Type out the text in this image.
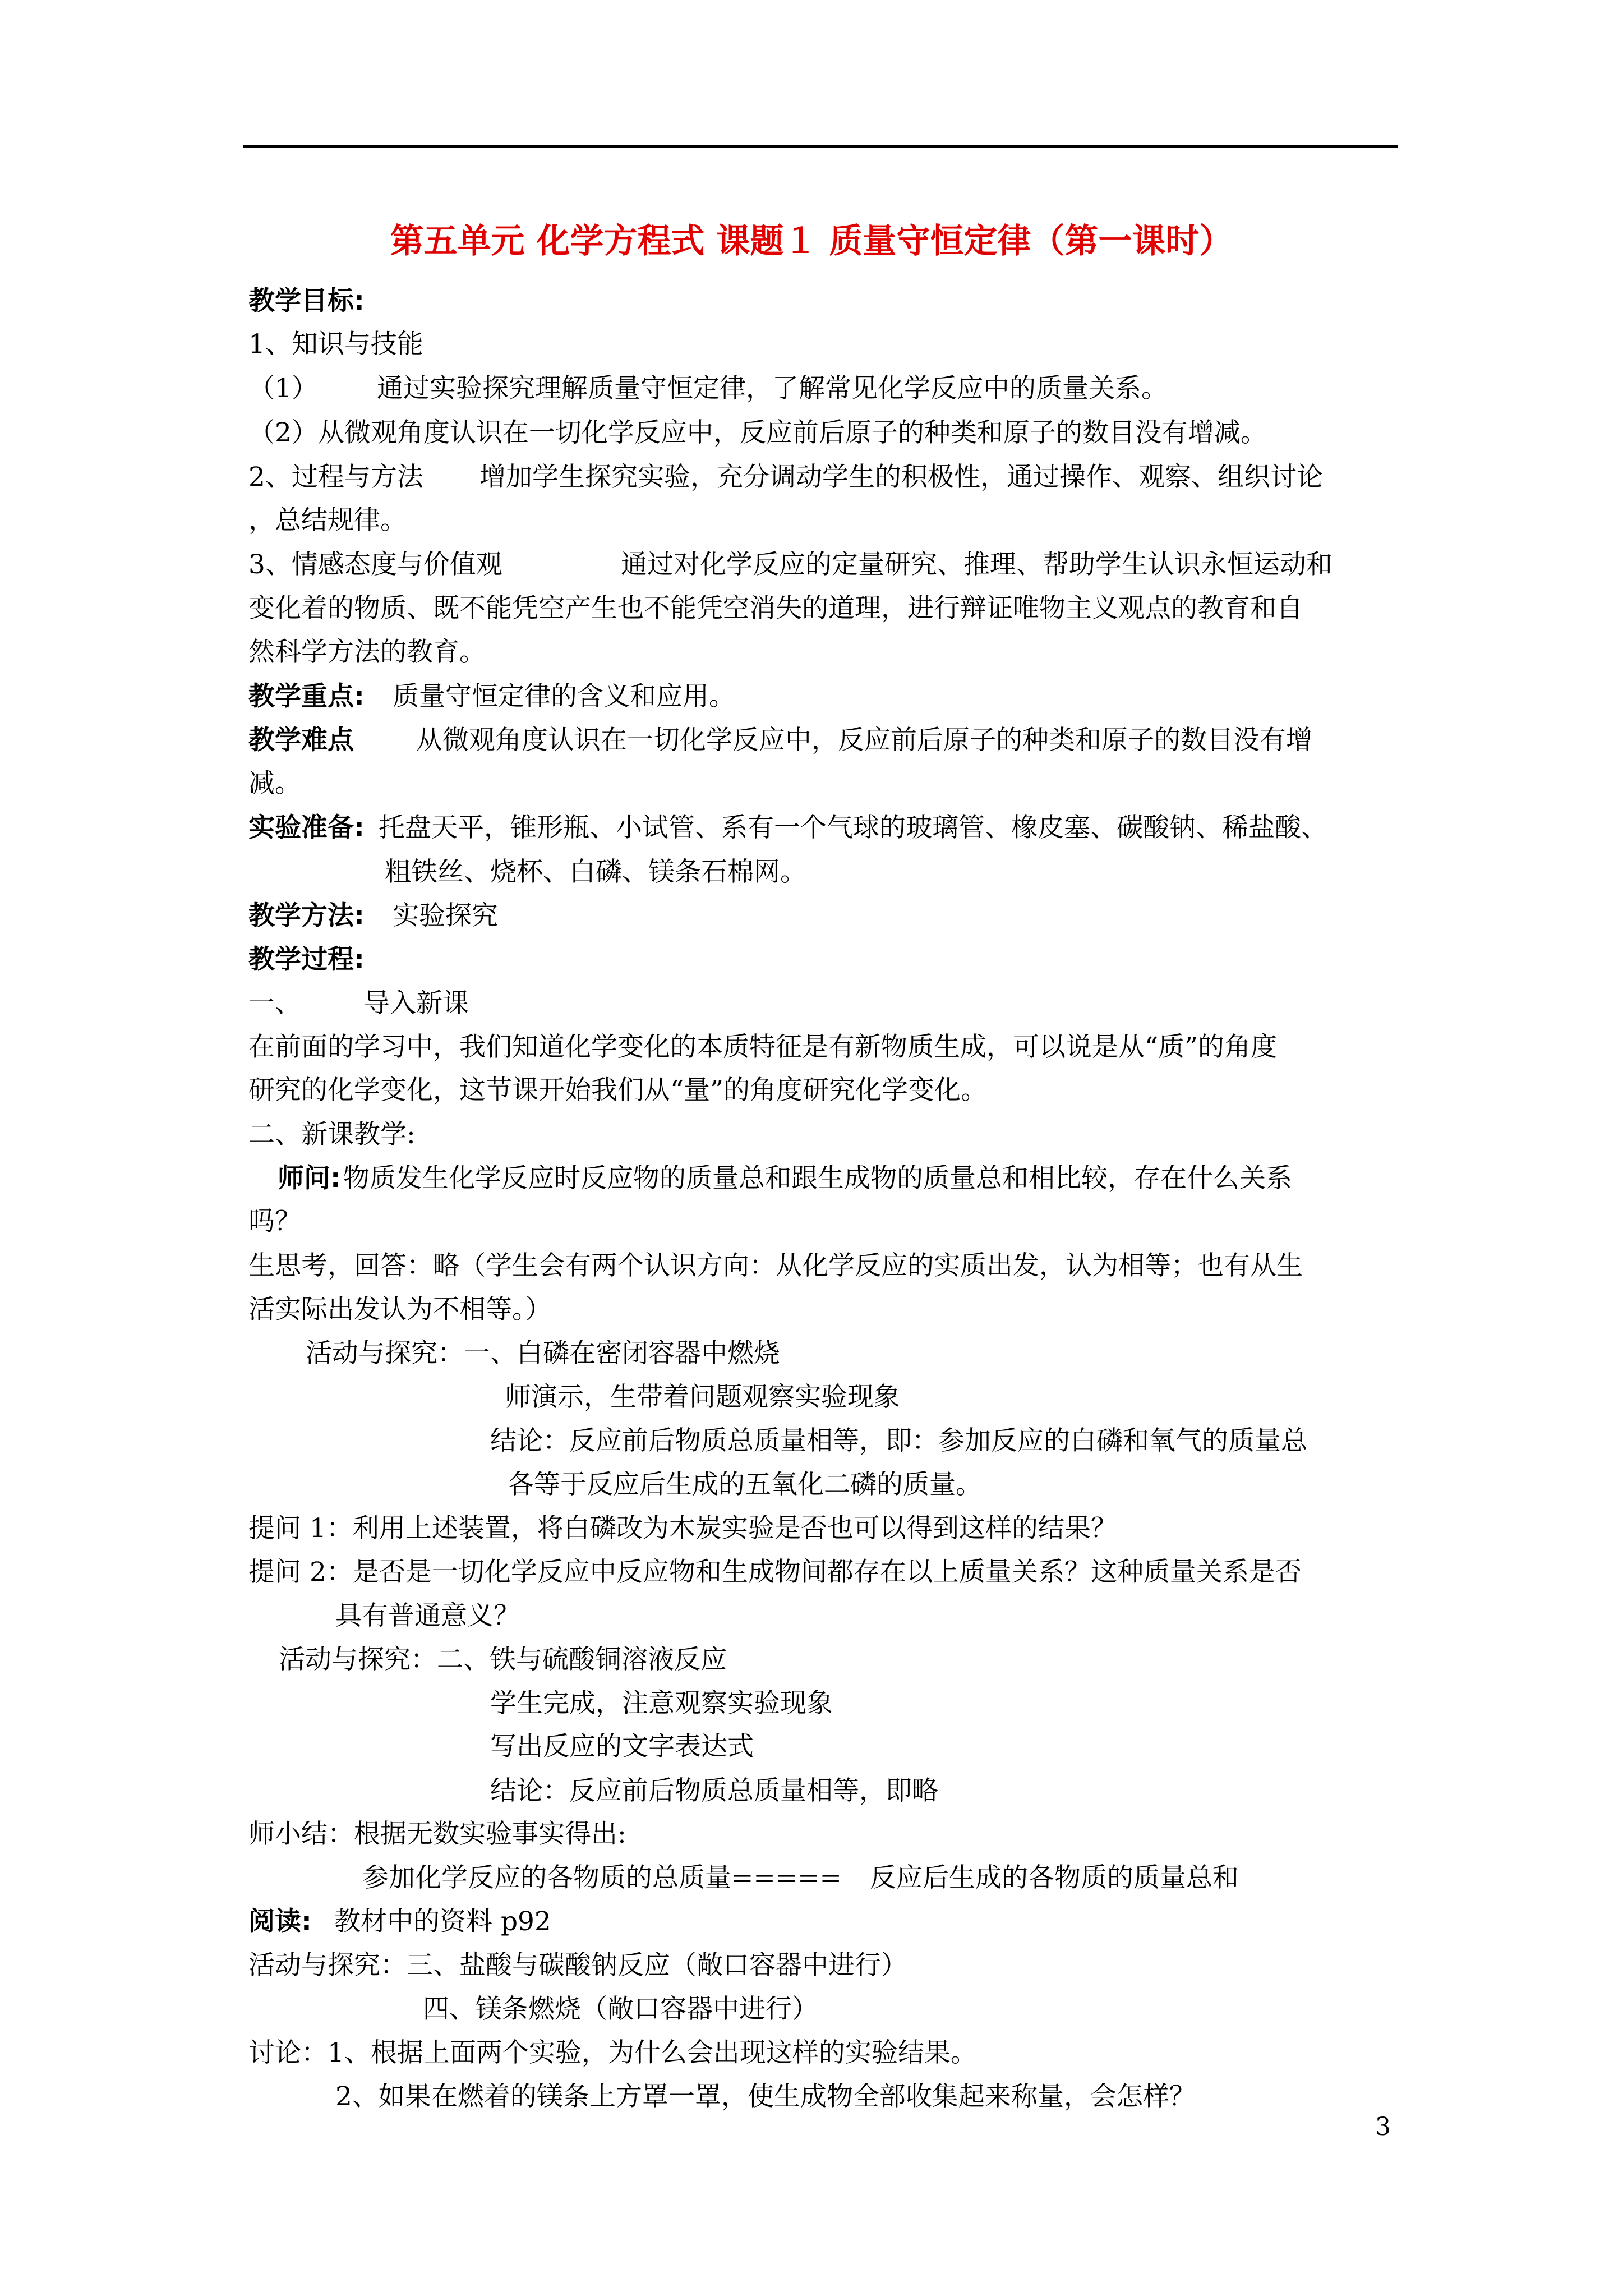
第五单元 化学方程式 课题１ 质量守恒定律（第一课时）
教学目标:
1、知识与技能
（1） 通过实验探究理解质量守恒定律，了解常见化学反应中的质量关系。
（2）从微观角度认识在一切化学反应中，反应前后原子的种类和原子的数目没有增减。
2、过程与方法 增加学生探究实验，充分调动学生的积极性，通过操作、观察、组织讨论
，总结规律。
3、情感态度与价值观	通过对化学反应的定量研究、推理、帮助学生认识永恒运动和
变化着的物质、既不能凭空产生也不能凭空消失的道理，进行辩证唯物主义观点的教育和自
然科学方法的教育。
教学重点: 质量守恒定律的含义和应用。
教学难点 从微观角度认识在一切化学反应中，反应前后原子的种类和原子的数目没有增
减。
实验准备: 托盘天平，锥形瓶、小试管、系有一个气球的玻璃管、橡皮塞、碳酸钠、稀盐酸、
粗铁丝、烧杯、白磷、镁条石棉网。
教学方法: 实验探究
教学过程:
一、 导入新课
在前面的学习中，我们知道化学变化的本质特征是有新物质生成，可以说是从“质”的角度
研究的化学变化，这节课开始我们从“量”的角度研究化学变化。
二、新课教学:
师问: 物质发生化学反应时反应物的质量总和跟生成物的质量总和相比较，存在什么关系
吗？
生思考，回答：略（学生会有两个认识方向：从化学反应的实质出发，认为相等；也有从生
活实际出发认为不相等。）
活动与探究：一、白磷在密闭容器中燃烧
师演示，生带着问题观察实验现象
结论：反应前后物质总质量相等，即：参加反应的白磷和氧气的质量总
各等于反应后生成的五氧化二磷的质量。
提问 1：利用上述装置，将白磷改为木炭实验是否也可以得到这样的结果？
提问 2：是否是一切化学反应中反应物和生成物间都存在以上质量关系？这种质量关系是否
具有普通意义？
活动与探究：二、铁与硫酸铜溶液反应
学生完成，注意观察实验现象
写出反应的文字表达式
结论：反应前后物质总质量相等，即略
师小结：根据无数实验事实得出:
参加化学反应的各物质的总质量===== 反应后生成的各物质的质量总和
阅读: 教材中的资料 p92
活动与探究：三、盐酸与碳酸钠反应（敞口容器中进行）
四、镁条燃烧（敞口容器中进行）
讨论：1、根据上面两个实验，为什么会出现这样的实验结果。
2、如果在燃着的镁条上方罩一罩，使生成物全部收集起来称量，会怎样？
3
